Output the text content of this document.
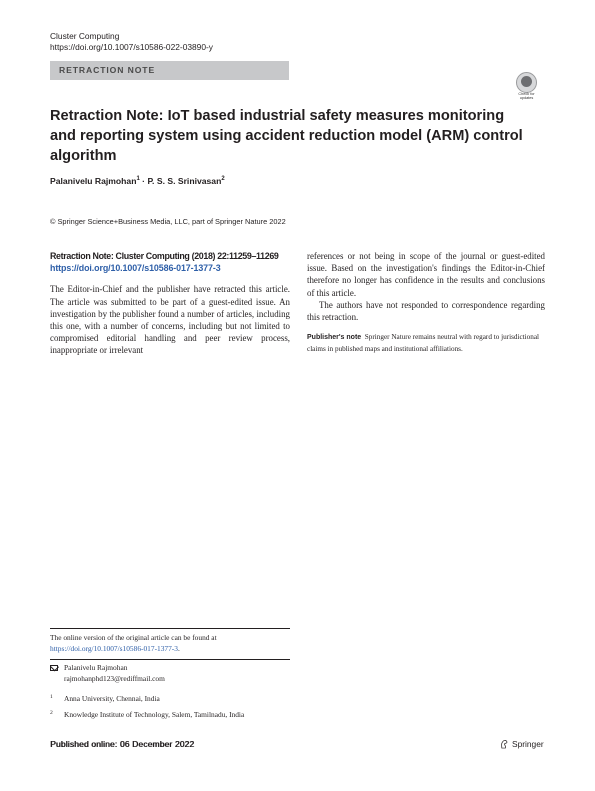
Cluster Computing
https://doi.org/10.1007/s10586-022-03890-y
RETRACTION NOTE
Check for
updates
Retraction Note: IoT based industrial safety measures monitoring and reporting system using accident reduction model (ARM) control algorithm
Palanivelu Rajmohan$^1$ · P. S. S. Srinivasan$^2$
© Springer Science+Business Media, LLC, part of Springer Nature 2022
Retraction Note: Cluster Computing (2018) 22:11259–11269
https://doi.org/10.1007/s10586-017-1377-3

The Editor-in-Chief and the publisher have retracted this article. The article was submitted to be part of a guest-edited issue. An investigation by the publisher found a number of articles, including this one, with a number of concerns, including but not limited to compromised editorial handling and peer review process, inappropriate or irrelevant

references or not being in scope of the journal or guest-edited issue. Based on the investigation's findings the Editor-in-Chief therefore no longer has confidence in the results and conclusions of this article.

The authors have not responded to correspondence regarding this retraction.

Publisher's note Springer Nature remains neutral with regard to jurisdictional claims in published maps and institutional affiliations.

The online version of the original article can be found at https://doi.org/10.1007/s10586-017-1377-3.
Palanivelu Rajmohan
rajmohanphd123@rediffmail.com
1 Anna University, Chennai, India
2 Knowledge Institute of Technology, Salem, Tamilnadu, India
Published online: 06 December 2022	Springer
